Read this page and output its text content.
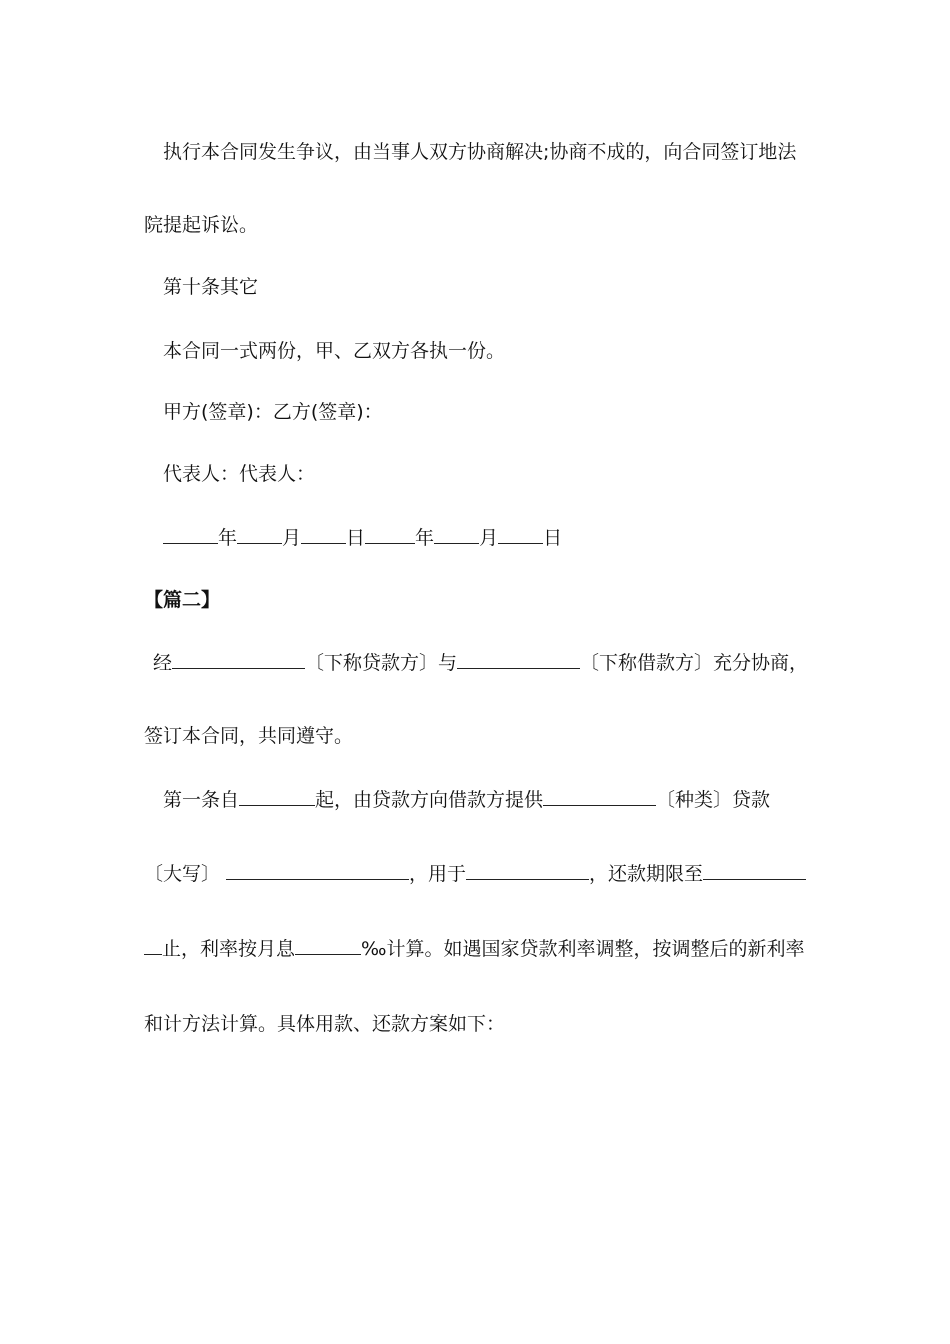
执行本合同发生争议，由当事人双方协商解决;协商不成的，向合同签订地法
院提起诉讼。
第十条其它
本合同一式两份，甲、乙双方各执一份。
甲方(签章)：乙方(签章)：
代表人：代表人：
年 月 日	年 月 日
【篇二】
经	〔下称贷款方〕与	〔下称借款方〕充分协商，
签订本合同，共同遵守。
第一条自	起，由贷款方向借款方提供	〔种类〕贷款
〔大写〕	，用于	，还款期限至
止，利率按月息	‰计算。如遇国家贷款利率调整，按调整后的新利率
和计方法计算。具体用款、还款方案如下：
